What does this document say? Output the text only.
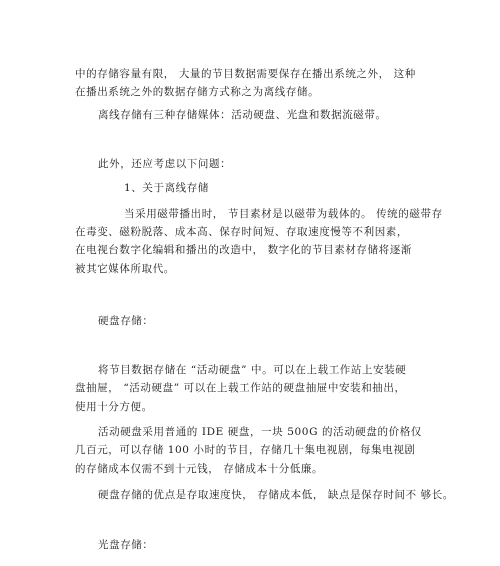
中的存储容量有限， 大量的节目数据需要保存在播出系统之外， 这种
在播出系统之外的数据存储方式称之为离线存储。
离线存储有三种存储媒体：活动硬盘、光盘和数据流磁带。
此外，还应考虑以下问题：
1、关于离线存储
当采用磁带播出时， 节目素材是以磁带为载体的。 传统的磁带存
在毒变、磁粉脱落、成本高、保存时间短、存取速度慢等不利因素，
在电视台数字化编辑和播出的改造中， 数字化的节目素材存储将逐渐
被其它媒体所取代。
硬盘存储：
将节目数据存储在 “活动硬盘” 中。可以在上载工作站上安装硬
盘抽屉， “活动硬盘” 可以在上载工作站的硬盘抽屉中安装和抽出，
使用十分方便。
活动硬盘采用普通的 IDE 硬盘，一块 500G 的活动硬盘的价格仅
几百元，可以存储 100 小时的节目，存储几十集电视剧，每集电视剧
的存储成本仅需不到十元钱， 存储成本十分低廉。
硬盘存储的优点是存取速度快， 存储成本低， 缺点是保存时间不 够长。
光盘存储：
